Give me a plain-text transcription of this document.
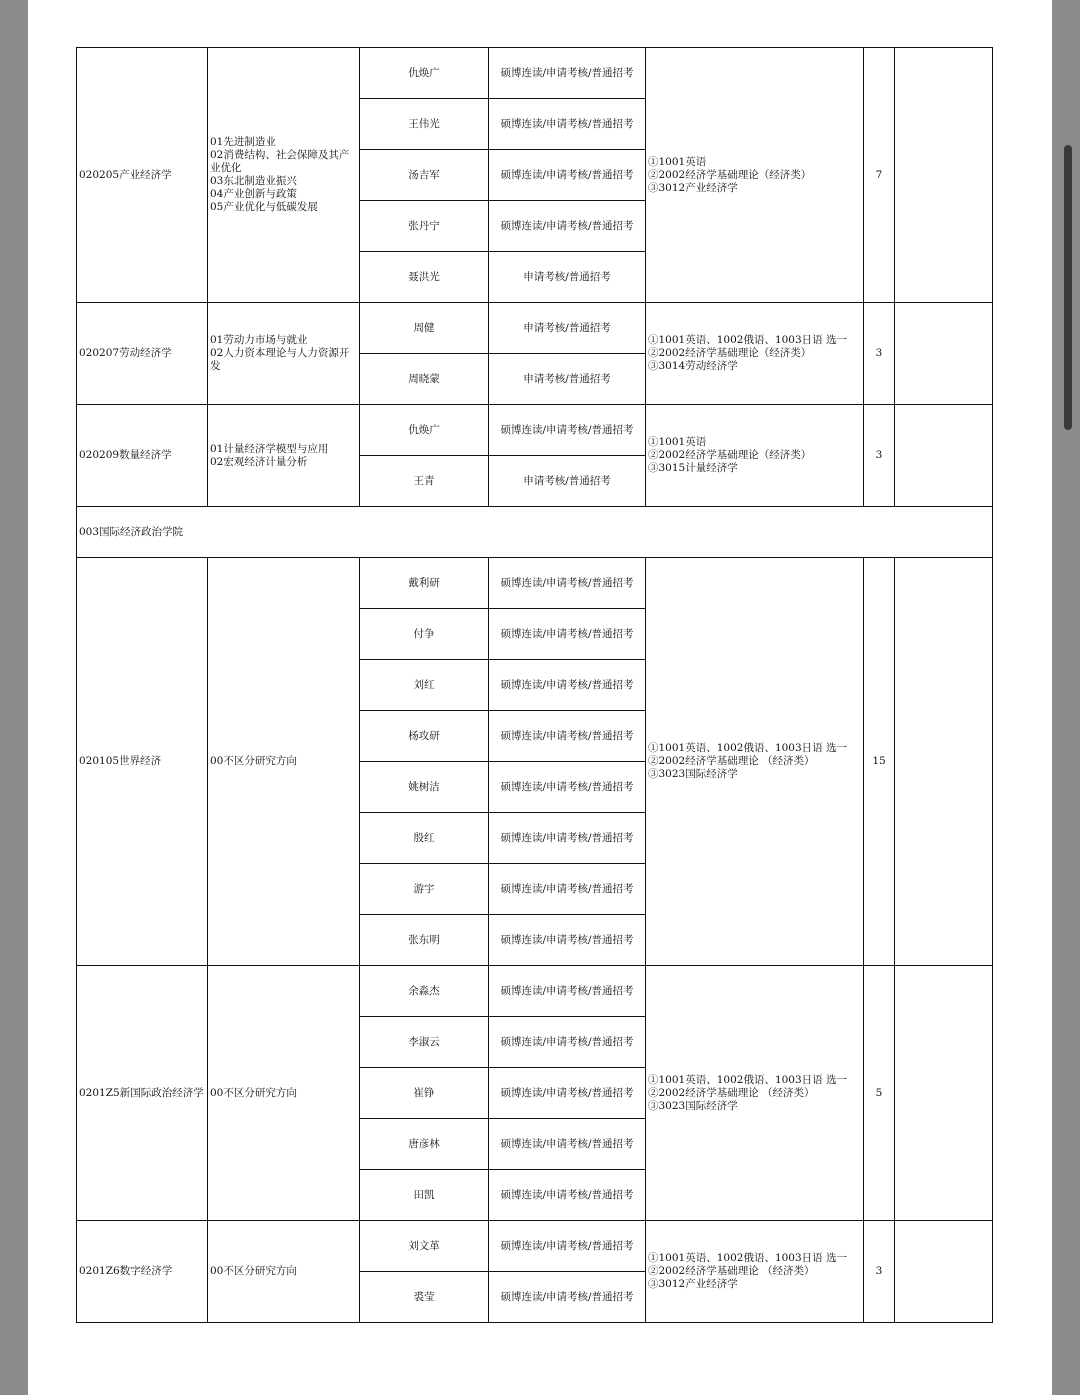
020205产业经济学	01先进制造业
02消费结构、社会保障及其产业优化
03东北制造业振兴
04产业创新与政策
05产业优化与低碳发展	仇焕广	硕博连读/申请考核/普通招考	①1001英语
②2002经济学基础理论（经济类）
③3012产业经济学	7	
		王伟光	硕博连读/申请考核/普通招考			
		汤吉军	硕博连读/申请考核/普通招考			
		张丹宁	硕博连读/申请考核/普通招考			
		聂洪光	申请考核/普通招考			
020207劳动经济学	01劳动力市场与就业
02人力资本理论与人力资源开发	周健	申请考核/普通招考	①1001英语、1002俄语、1003日语 选一
②2002经济学基础理论（经济类）
③3014劳动经济学	3	
		周晓蒙	申请考核/普通招考			
020209数量经济学	01计量经济学模型与应用
02宏观经济计量分析	仇焕广	硕博连读/申请考核/普通招考	①1001英语
②2002经济学基础理论（经济类）
③3015计量经济学	3	
		王青	申请考核/普通招考			
003国际经济政治学院						
020105世界经济	00不区分研究方向	戴利研	硕博连读/申请考核/普通招考	①1001英语、1002俄语、1003日语 选一
②2002经济学基础理论 （经济类）
③3023国际经济学	15	
		付争	硕博连读/申请考核/普通招考			
		刘红	硕博连读/申请考核/普通招考			
		杨攻研	硕博连读/申请考核/普通招考			
		姚树洁	硕博连读/申请考核/普通招考			
		殷红	硕博连读/申请考核/普通招考			
		游宇	硕博连读/申请考核/普通招考			
		张东明	硕博连读/申请考核/普通招考			
0201Z5新国际政治经济学	00不区分研究方向	余淼杰	硕博连读/申请考核/普通招考	①1001英语、1002俄语、1003日语 选一
②2002经济学基础理论 （经济类）
③3023国际经济学	5	
		李淑云	硕博连读/申请考核/普通招考			
		崔铮	硕博连读/申请考核/普通招考			
		唐彦林	硕博连读/申请考核/普通招考			
		田凯	硕博连读/申请考核/普通招考			
0201Z6数字经济学	00不区分研究方向	刘文革	硕博连读/申请考核/普通招考	①1001英语、1002俄语、1003日语 选一
②2002经济学基础理论 （经济类）
③3012产业经济学	3	
		裘莹	硕博连读/申请考核/普通招考			
